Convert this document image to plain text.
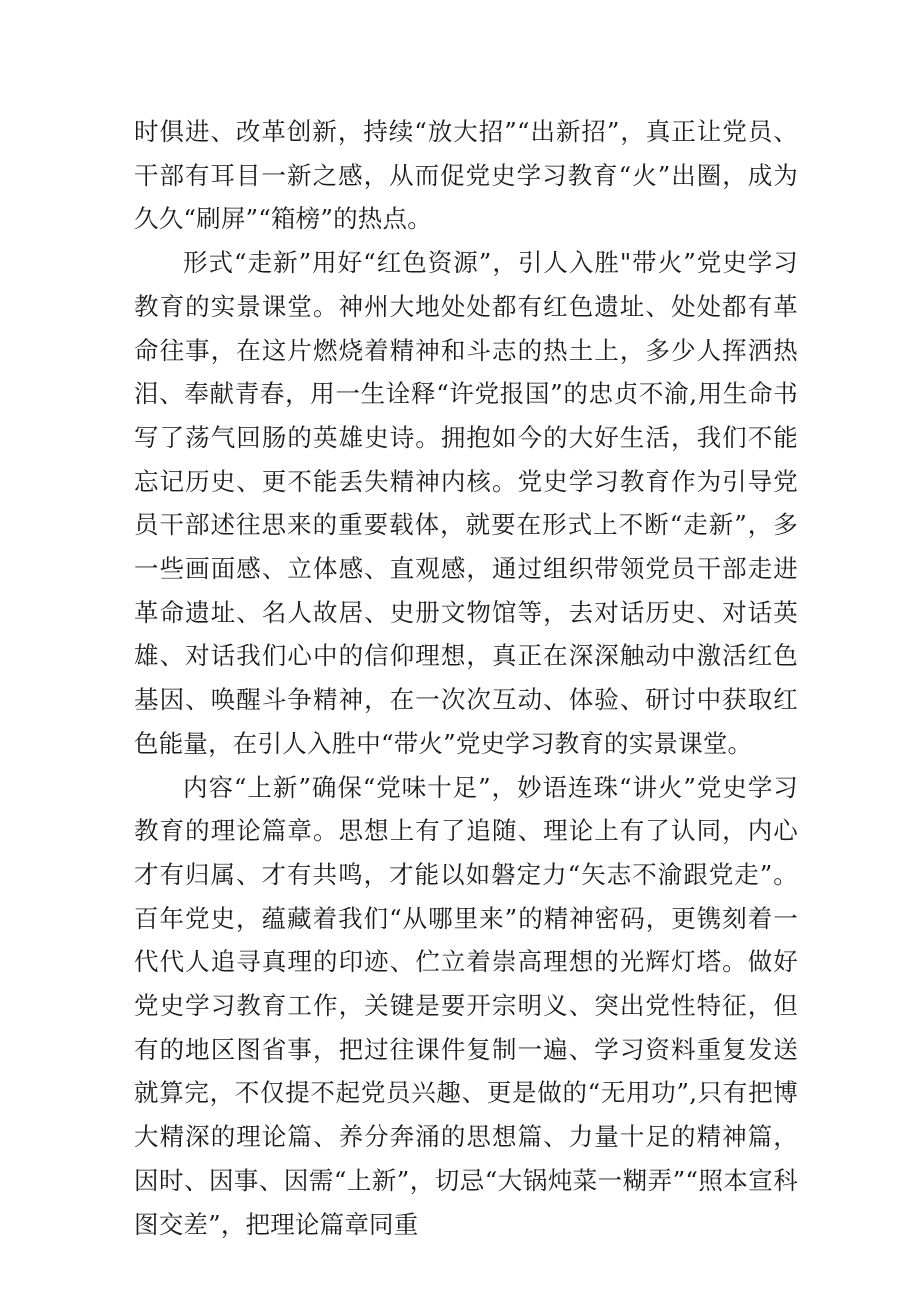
时俱进、改革创新，持续“放大招”“出新招”，真正让党员、干部有耳目一新之感，从而促党史学习教育“火”出圈，成为久久“刷屏”“箱榜”的热点。

形式“走新”用好“红色资源”，引人入胜"带火”党史学习教育的实景课堂。神州大地处处都有红色遗址、处处都有革命往事，在这片燃烧着精神和斗志的热土上，多少人挥洒热泪、奉献青春，用一生诠释“许党报国”的忠贞不渝,用生命书写了荡气回肠的英雄史诗。拥抱如今的大好生活，我们不能忘记历史、更不能丢失精神内核。党史学习教育作为引导党员干部述往思来的重要载体，就要在形式上不断“走新”，多一些画面感、立体感、直观感，通过组织带领党员干部走进革命遗址、名人故居、史册文物馆等，去对话历史、对话英雄、对话我们心中的信仰理想，真正在深深触动中激活红色基因、唤醒斗争精神，在一次次互动、体验、研讨中获取红色能量，在引人入胜中“带火”党史学习教育的实景课堂。

内容“上新”确保“党味十足”，妙语连珠“讲火”党史学习教育的理论篇章。思想上有了追随、理论上有了认同，内心才有归属、才有共鸣，才能以如磐定力“矢志不渝跟党走”。百年党史，蕴藏着我们“从哪里来”的精神密码，更镌刻着一代代人追寻真理的印迹、伫立着崇高理想的光辉灯塔。做好党史学习教育工作，关键是要开宗明义、突出党性特征，但有的地区图省事，把过往课件复制一遍、学习资料重复发送就算完，不仅提不起党员兴趣、更是做的“无用功”,只有把博大精深的理论篇、养分奔涌的思想篇、力量十足的精神篇，因时、因事、因需“上新”，切忌“大锅炖菜一糊弄”“照本宣科图交差”，把理论篇章同重
